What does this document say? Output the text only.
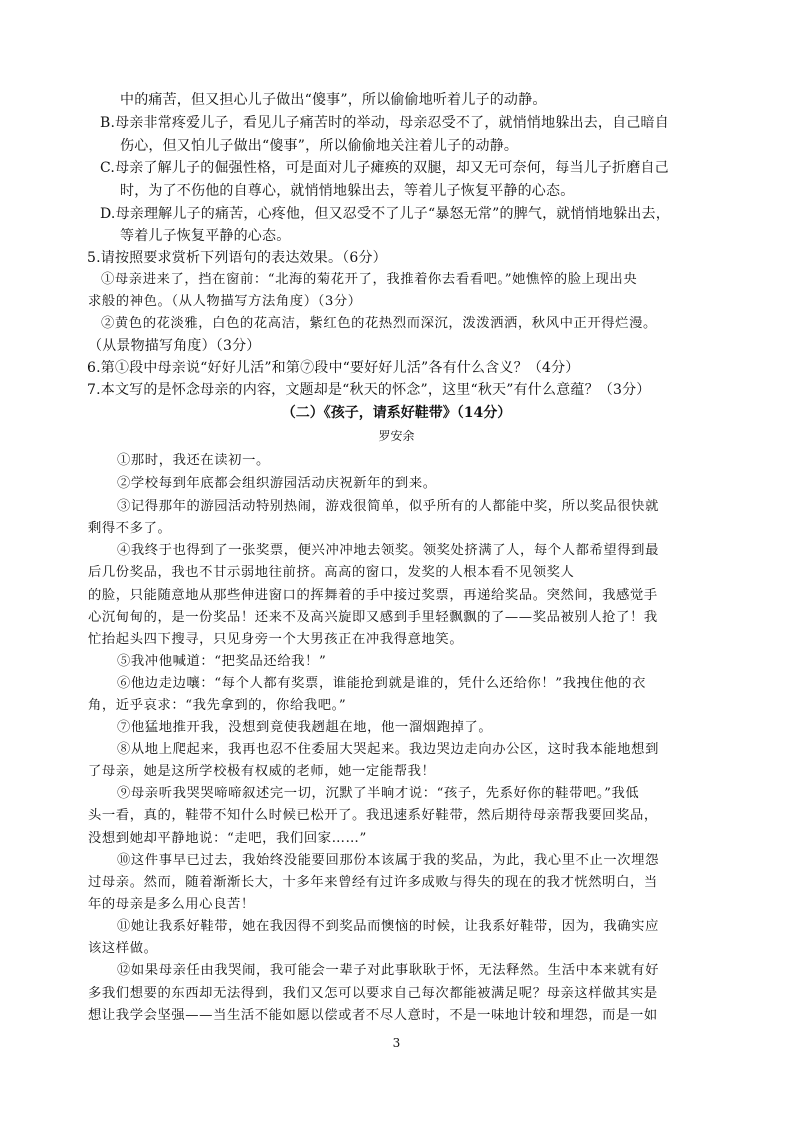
中的痛苦，但又担心儿子做出“傻事”，所以偷偷地听着儿子的动静。
B.母亲非常疼爱儿子，看见儿子痛苦时的举动，母亲忍受不了，就悄悄地躲出去，自己暗自
伤心，但又怕儿子做出“傻事”，所以偷偷地关注着儿子的动静。
C.母亲了解儿子的倔强性格，可是面对儿子瘫痪的双腿，却又无可奈何，每当儿子折磨自己
时，为了不伤他的自尊心，就悄悄地躲出去，等着儿子恢复平静的心态。
D.母亲理解儿子的痛苦，心疼他，但又忍受不了儿子“暴怒无常”的脾气，就悄悄地躲出去，
等着儿子恢复平静的心态。
5.请按照要求赏析下列语句的表达效果。（6分）
①母亲进来了，挡在窗前：“北海的菊花开了，我推着你去看看吧。”她憔悴的脸上现出央
求般的神色。（从人物描写方法角度）（3分）
②黄色的花淡雅，白色的花高洁，紫红色的花热烈而深沉，泼泼洒洒，秋风中正开得烂漫。
（从景物描写角度）（3分）
6.第①段中母亲说“好好儿活”和第⑦段中“要好好儿活”各有什么含义？（4分）
7.本文写的是怀念母亲的内容，文题却是“秋天的怀念”，这里“秋天”有什么意蕴？（3分）
（二）《孩子，请系好鞋带》（14分）
罗安余
①那时，我还在读初一。
②学校每到年底都会组织游园活动庆祝新年的到来。
③记得那年的游园活动特别热闹，游戏很简单，似乎所有的人都能中奖，所以奖品很快就
剩得不多了。
④我终于也得到了一张奖票，便兴冲冲地去领奖。领奖处挤满了人，每个人都希望得到最
后几份奖品，我也不甘示弱地往前挤。高高的窗口，发奖的人根本看不见领奖人
的脸，只能随意地从那些伸进窗口的挥舞着的手中接过奖票，再递给奖品。突然间，我感觉手
心沉甸甸的，是一份奖品！还来不及高兴旋即又感到手里轻飘飘的了——奖品被别人抢了！我
忙抬起头四下搜寻，只见身旁一个大男孩正在冲我得意地笑。
⑤我冲他喊道：“把奖品还给我！”
⑥他边走边嚷：“每个人都有奖票，谁能抢到就是谁的，凭什么还给你！”我拽住他的衣
角，近乎哀求：“我先拿到的，你给我吧。”
⑦他猛地推开我，没想到竟使我趔趄在地，他一溜烟跑掉了。
⑧从地上爬起来，我再也忍不住委屈大哭起来。我边哭边走向办公区，这时我本能地想到
了母亲，她是这所学校极有权威的老师，她一定能帮我！
⑨母亲听我哭哭啼啼叙述完一切，沉默了半晌才说：“孩子，先系好你的鞋带吧。”我低
头一看，真的，鞋带不知什么时候已松开了。我迅速系好鞋带，然后期待母亲帮我要回奖品，
没想到她却平静地说：“走吧，我们回家……”
⑩这件事早已过去，我始终没能要回那份本该属于我的奖品，为此，我心里不止一次埋怨
过母亲。然而，随着渐渐长大，十多年来曾经有过许多成败与得失的现在的我才恍然明白，当
年的母亲是多么用心良苦！
⑪她让我系好鞋带，她在我因得不到奖品而懊恼的时候，让我系好鞋带，因为，我确实应
该这样做。
⑫如果母亲任由我哭闹，我可能会一辈子对此事耿耿于怀，无法释然。生活中本来就有好
多我们想要的东西却无法得到，我们又怎可以要求自己每次都能被满足呢？母亲这样做其实是
想让我学会坚强——当生活不能如愿以偿或者不尽人意时，不是一味地计较和埋怨，而是一如
3
